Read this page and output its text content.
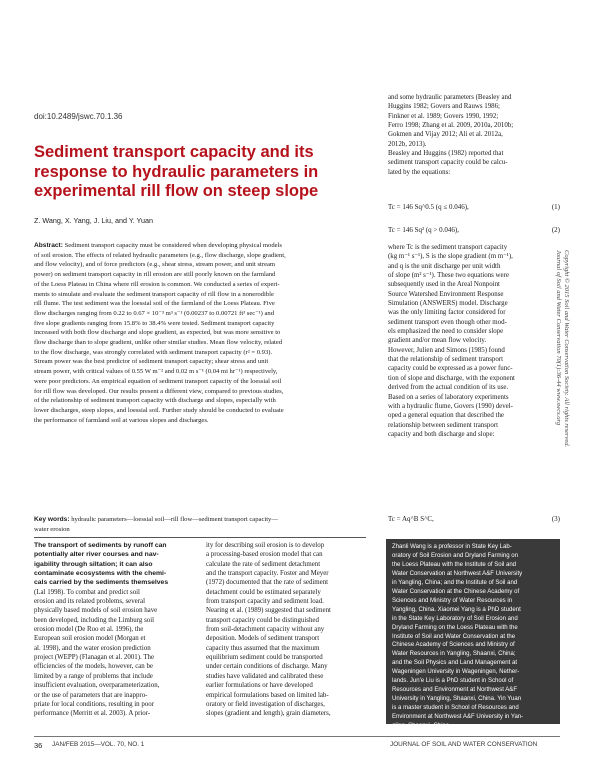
doi:10.2489/jswc.70.1.36
Sediment transport capacity and its
response to hydraulic parameters in
experimental rill flow on steep slope
Z. Wang, X. Yang, J. Liu, and Y. Yuan
Abstract: Sediment transport capacity must be considered when developing physical models
of soil erosion. The effects of related hydraulic parameters (e.g., flow discharge, slope gradient,
and flow velocity), and of force predictors (e.g., shear stress, stream power, and unit stream
power) on sediment transport capacity in rill erosion are still poorly known on the farmland
of the Loess Plateau in China where rill erosion is common. We conducted a series of experi-
ments to simulate and evaluate the sediment transport capacity of rill flow in a nonerodible
rill flume. The test sediment was the loessial soil of the farmland of the Loess Plateau. Five
flow discharges ranging from 0.22 to 0.67 × 10⁻³ m³ s⁻¹ (0.00237 to 0.00721 ft³ sec⁻¹) and
five slope gradients ranging from 15.8% to 38.4% were tested. Sediment transport capacity
increased with both flow discharge and slope gradient, as expected, but was more sensitive to
flow discharge than to slope gradient, unlike other similar studies. Mean flow velocity, related
to the flow discharge, was strongly correlated with sediment transport capacity (r² = 0.93).
Stream power was the best predictor of sediment transport capacity; shear stress and unit
stream power, with critical values of 0.55 W m⁻² and 0.02 m s⁻¹ (0.04 mi hr⁻¹) respectively,
were poor predictors. An empirical equation of sediment transport capacity of the loessial soil
for rill flow was developed. Our results present a different view, compared to previous studies,
of the relationship of sediment transport capacity with discharge and slopes, especially with
lower discharges, steep slopes, and loessial soil. Further study should be conducted to evaluate
the performance of farmland soil at various slopes and discharges.
Key words: hydraulic parameters—loessial soil—rill flow—sediment transport capacity—
water erosion
The transport of sediments by runoff can
potentially alter river courses and nav-
igability through siltation; it can also
contaminate ecosystems with the chemi-
cals carried by the sediments themselves
(Lal 1998). To combat and predict soil
erosion and its related problems, several
physically based models of soil erosion have
been developed, including the Limburg soil
erosion model (De Roo et al. 1996), the
European soil erosion model (Morgan et
al. 1998), and the water erosion prediction
project (WEPP) (Flanagan et al. 2001). The
efficiencies of the models, however, can be
limited by a range of problems that include
insufficient evaluation, overparameterization,
or the use of parameters that are inappro-
priate for local conditions, resulting in poor
performance (Merritt et al. 2003). A prior-
ity for describing soil erosion is to develop
a processing-based erosion model that can
calculate the rate of sediment detachment
and the transport capacity. Foster and Meyer
(1972) documented that the rate of sediment
detachment could be estimated separately
from transport capacity and sediment load.
Nearing et al. (1989) suggested that sediment
transport capacity could be distinguished
from soil-detachment capacity without any
deposition. Models of sediment transport
capacity thus assumed that the maximum
equilibrium sediment could be transported
under certain conditions of discharge. Many
studies have validated and calibrated these
earlier formulations or have developed
empirical formulations based on limited lab-
oratory or field investigation of discharges,
slopes (gradient and length), grain diameters,
and some hydraulic parameters (Beasley and
Huggins 1982; Govers and Rauws 1986;
Finkner et al. 1989; Govers 1990, 1992;
Ferro 1998; Zhang et al. 2009, 2010a, 2010b;
Gokmen and Vijay 2012; Ali et al. 2012a,
2012b, 2013).
Beasley and Huggins (1982) reported that
sediment transport capacity could be calcu-
lated by the equations:
Tc = 146 Sq^0.5 (q ≤ 0.046),	(1)
Tc = 146 Sq² (q > 0.046),	(2)
where Tc is the sediment transport capacity
(kg m⁻¹ s⁻¹), S is the slope gradient (m m⁻¹),
and q is the unit discharge per unit width
of slope (m² s⁻¹). These two equations were
subsequently used in the Areal Nonpoint
Source Watershed Environment Response
Simulation (ANSWERS) model. Discharge
was the only limiting factor considered for
sediment transport even though other mod-
els emphasized the need to consider slope
gradient and/or mean flow velocity.
However, Julien and Simons (1985) found
that the relationship of sediment transport
capacity could be expressed as a power func-
tion of slope and discharge, with the exponent
derived from the actual condition of its use.
Based on a series of laboratory experiments
with a hydraulic flume, Govers (1990) devel-
oped a general equation that described the
relationship between sediment transport
capacity and both discharge and slope:
Tc = Aq^B S^C,	(3)
Zhanli Wang is a professor in State Key Lab-
oratory of Soil Erosion and Dryland Farming on
the Loess Plateau with the Institute of Soil and
Water Conservation at Northwest A&F University
in Yangling, China; and the Institute of Soil and
Water Conservation at the Chinese Academy of
Sciences and Ministry of Water Resources in
Yangling, China. Xiaomei Yang is a PhD student
in the State Key Laboratory of Soil Erosion and
Dryland Farming on the Loess Plateau with the
Institute of Soil and Water Conservation at the
Chinese Academy of Sciences and Ministry of
Water Resources in Yangling, Shaanxi, China;
and the Soil Physics and Land Management at
Wageningen University in Wageningen, Nether-
lands. Jun'e Liu is a PhD student in School of
Resources and Environment at Northwest A&F
University in Yangling, Shaanxi, China. Yin Yuan
is a master student in School of Resources and
Environment at Northwest A&F University in Yan-
gling, Shaanxi, China.
Copyright © 2015 Soil and Water Conservation Society. All rights reserved.
Journal of Soil and Water Conservation 70(1):36-44 www.swcs.org
36 JAN/FEB 2015—VOL. 70, NO. 1	JOURNAL OF SOIL AND WATER CONSERVATION
